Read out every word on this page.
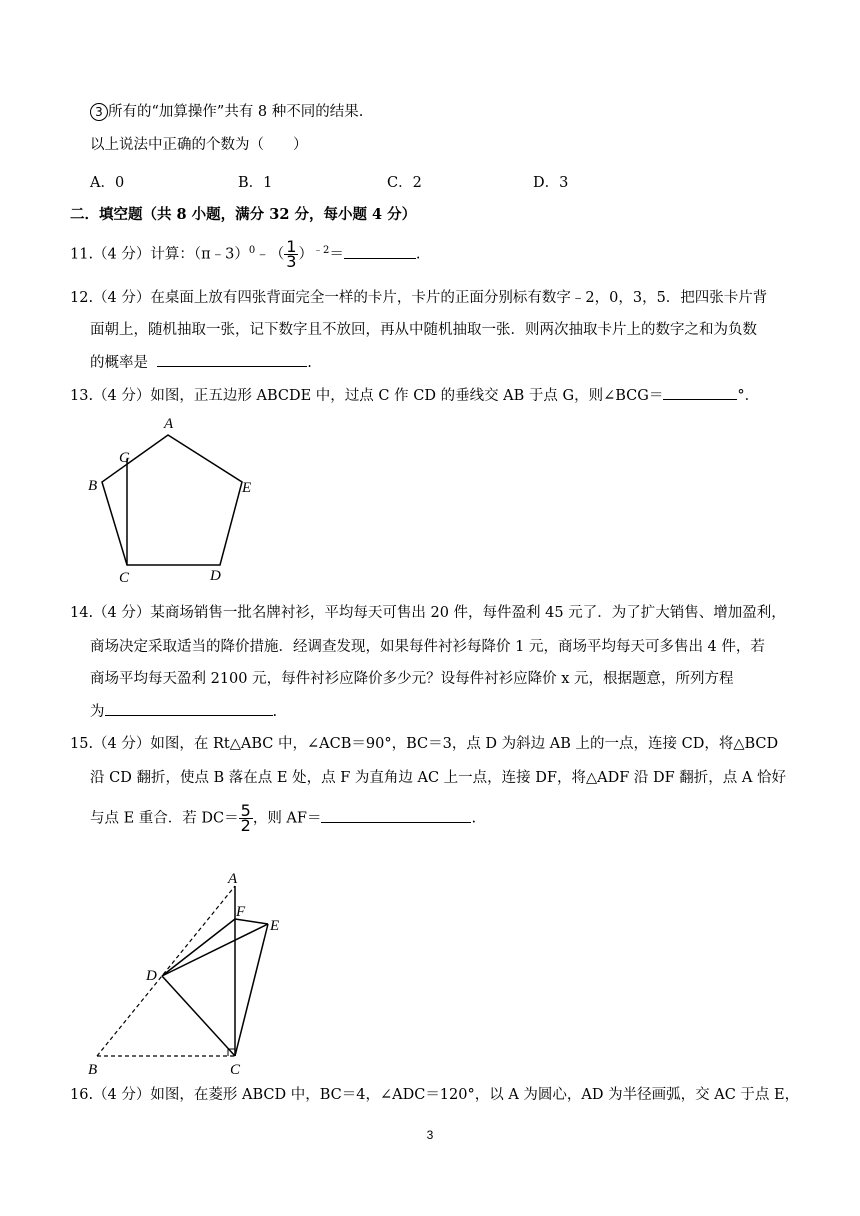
3 所有的“加算操作”共有 8 种不同的结果.
以上说法中正确的个数为（　　）
A．0	B．1	C．2	D．3
二．填空题（共 8 小题，满分 32 分，每小题 4 分）
11.（4 分）计算：（π﹣3）$^0$﹣（ $\frac{1}{3} )^{﹣2}=$	.
12.（4 分）在桌面上放有四张背面完全一样的卡片，卡片的正面分别标有数字﹣2，0，3，5．把四张卡片背
面朝上，随机抽取一张，记下数字且不放回，再从中随机抽取一张．则两次抽取卡片上的数字之和为负数
的概率是	.
13.（4 分）如图，正五边形 ABCDE 中，过点 C 作 CD 的垂线交 AB 于点 G，则∠BCG＝	°．
A
B
C	D
E
G
14.（4 分）某商场销售一批名牌衬衫，平均每天可售出 20 件，每件盈利 45 元了．为了扩大销售、增加盈利，
商场决定采取适当的降价措施．经调查发现，如果每件衬衫每降价 1 元，商场平均每天可多售出 4 件，若
商场平均每天盈利 2100 元，每件衬衫应降价多少元？设每件衬衫应降价 x 元，根据题意，所列方程
为	.
15.（4 分）如图，在 Rt△ABC 中，∠ACB＝90°，BC＝3，点 D 为斜边 AB 上的一点，连接 CD，将△BCD
沿 CD 翻折，使点 B 落在点 E 处，点 F 为直角边 AC 上一点，连接 DF，将△ADF 沿 DF 翻折，点 A 恰好
与点 E 重合．若 $DC= \frac{5}{2}$ ，则 AF＝	.
A
B	C
D
E
F
16.（4 分）如图，在菱形 ABCD 中，BC＝4，∠ADC＝120°，以 A 为圆心，AD 为半径画弧，交 AC 于点 E，
3
